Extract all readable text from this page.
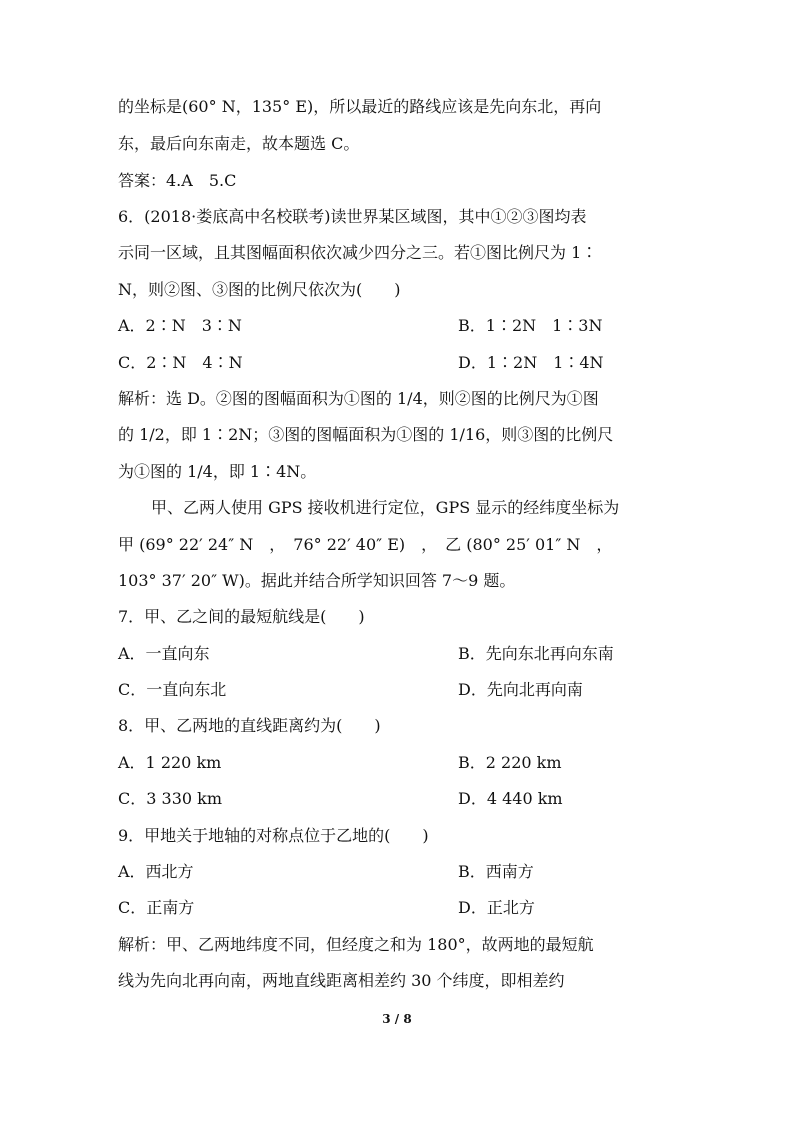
的坐标是(60° N，135° E)，所以最近的路线应该是先向东北，再向
东，最后向东南走，故本题选 C。
答案：4.A　5.C
6．(2018·娄底高中名校联考)读世界某区域图，其中①②③图均表
示同一区域，且其图幅面积依次减少四分之三。若①图比例尺为 1∶
N，则②图、③图的比例尺依次为(　　)
A．2∶N　3∶N	B．1∶2N　1∶3N
C．2∶N　4∶N	D．1∶2N　1∶4N
解析：选 D。②图的图幅面积为①图的 1/4，则②图的比例尺为①图
的 1/2，即 1∶2N；③图的图幅面积为①图的 1/16，则③图的比例尺
为①图的 1/4，即 1∶4N。
甲、乙两人使用 GPS 接收机进行定位，GPS 显示的经纬度坐标为
甲 (69° 22′ 24″ N　，　76° 22′ 40″ E)　，　乙 (80° 25′ 01″ N　，
103° 37′ 20″ W)。据此并结合所学知识回答 7～9 题。
7．甲、乙之间的最短航线是(　　)
A．一直向东	B．先向东北再向东南
C．一直向东北	D．先向北再向南
8．甲、乙两地的直线距离约为(　　)
A．1 220 km	B．2 220 km
C．3 330 km	D．4 440 km
9．甲地关于地轴的对称点位于乙地的(　　)
A．西北方	B．西南方
C．正南方	D．正北方
解析：甲、乙两地纬度不同，但经度之和为 180°，故两地的最短航
线为先向北再向南，两地直线距离相差约 30 个纬度，即相差约
3 / 8
